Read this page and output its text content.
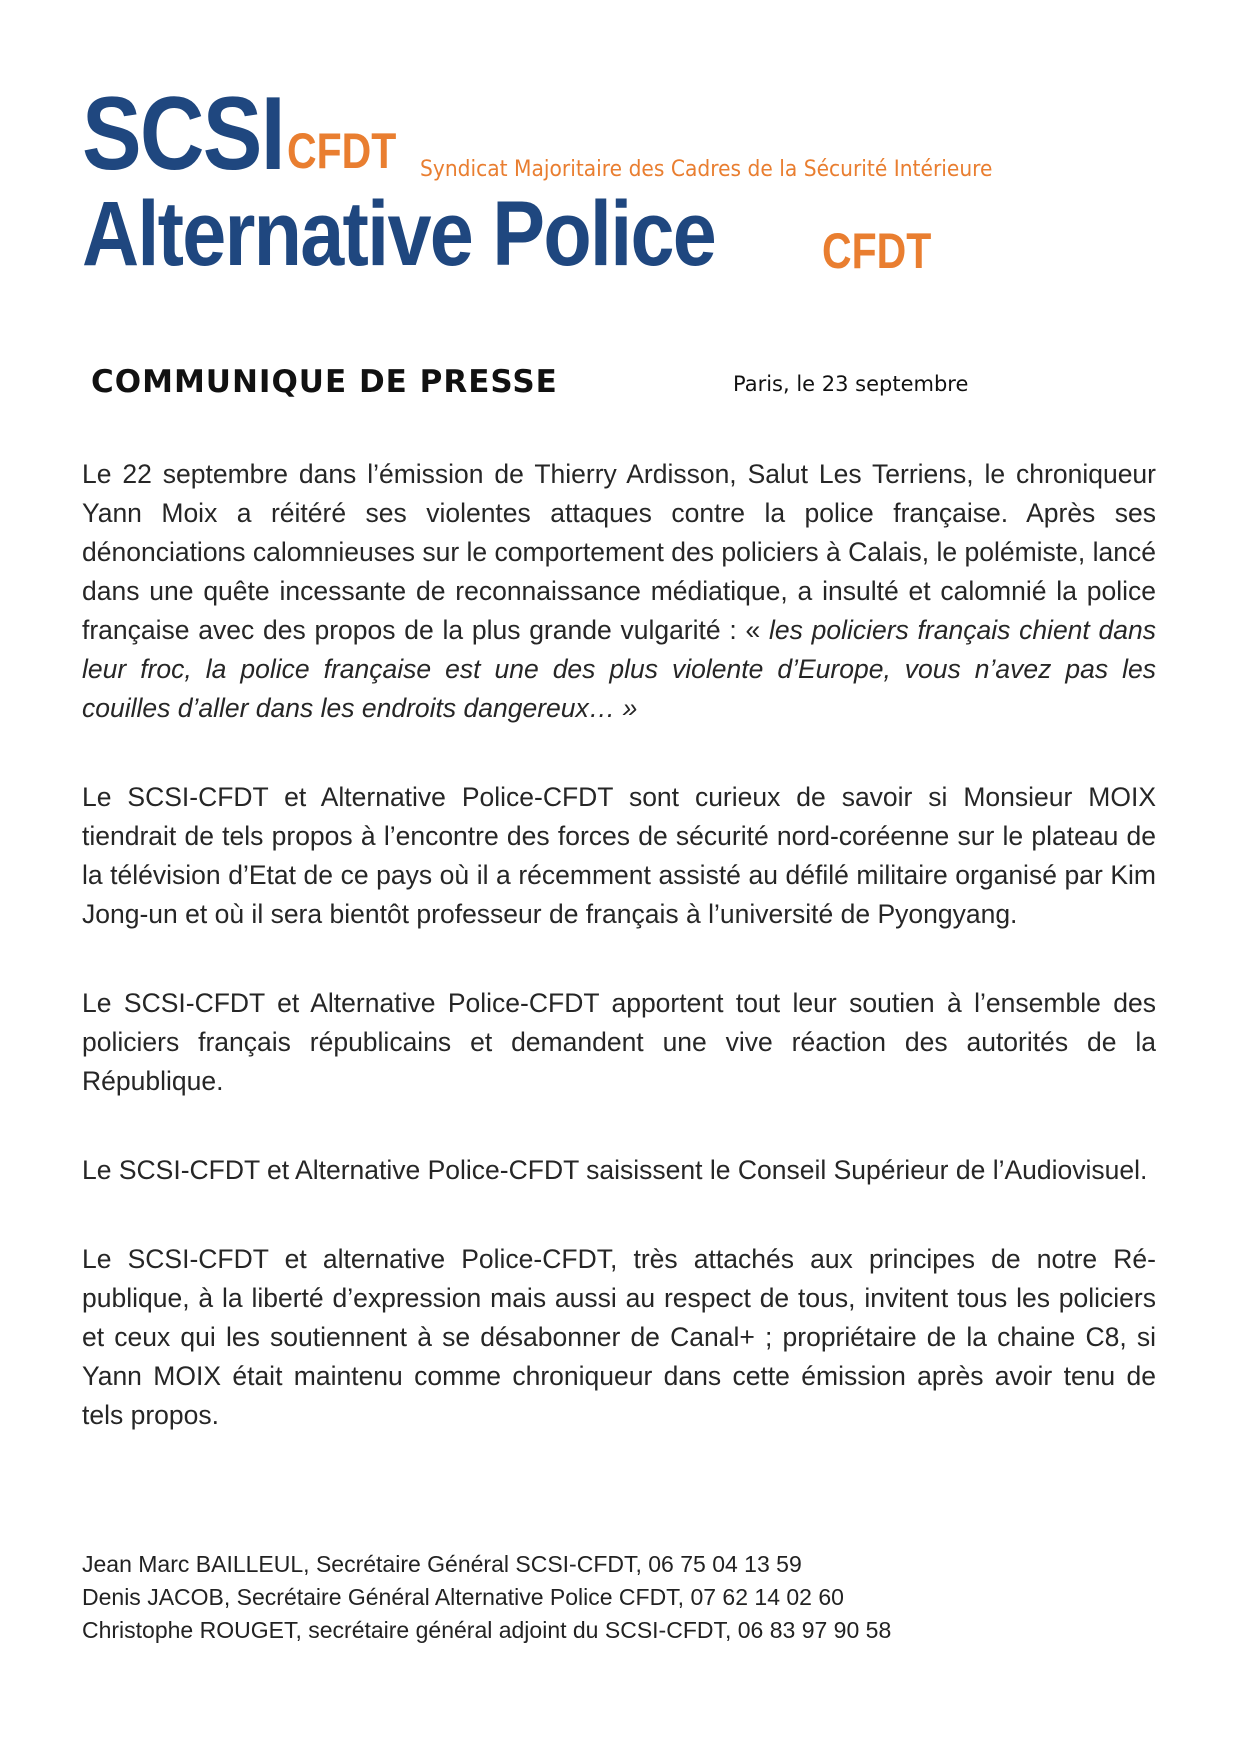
SCSI CFDT Syndicat Majoritaire des Cadres de la Sécurité Intérieure
Alternative Police CFDT
COMMUNIQUE DE PRESSE	Paris, le 23 septembre

Le 22 septembre dans l’émission de Thierry Ardisson, Salut Les Terriens, le chroniqueur Yann Moix a réitéré ses violentes attaques contre la police française. Après ses dénonciations calomnieuses sur le comportement des policiers à Calais, le polémiste, lancé dans une quête incessante de reconnaissance médiatique, a insulté et calomnié la police française avec des propos de la plus grande vulgarité : « les policiers français chient dans leur froc, la police française est une des plus violente d’Europe, vous n’avez pas les couilles d’aller dans les endroits dangereux… »

Le SCSI-CFDT et Alternative Police-CFDT sont curieux de savoir si Monsieur MOIX tiendrait de tels propos à l’encontre des forces de sécurité nord-coréenne sur le plateau de la télévision d’Etat de ce pays où il a récemment assisté au défilé militaire organisé par Kim Jong-un et où il sera bientôt professeur de français à l’université de Pyongyang.

Le SCSI-CFDT et Alternative Police-CFDT apportent tout leur soutien à l’ensemble des policiers français républicains et demandent une vive réaction des autorités de la République.

Le SCSI-CFDT et Alternative Police-CFDT saisissent le Conseil Supérieur de l’Audiovisuel.

Le SCSI-CFDT et alternative Police-CFDT, très attachés aux principes de notre République, à la liberté d’expression mais aussi au respect de tous, invitent tous les policiers et ceux qui les soutiennent à se désabonner de Canal+ ; propriétaire de la chaine C8, si Yann MOIX était maintenu comme chroniqueur dans cette émission après avoir tenu de tels propos.

Jean Marc BAILLEUL, Secrétaire Général SCSI-CFDT, 06 75 04 13 59
Denis JACOB, Secrétaire Général Alternative Police CFDT, 07 62 14 02 60
Christophe ROUGET, secrétaire général adjoint du SCSI-CFDT, 06 83 97 90 58
